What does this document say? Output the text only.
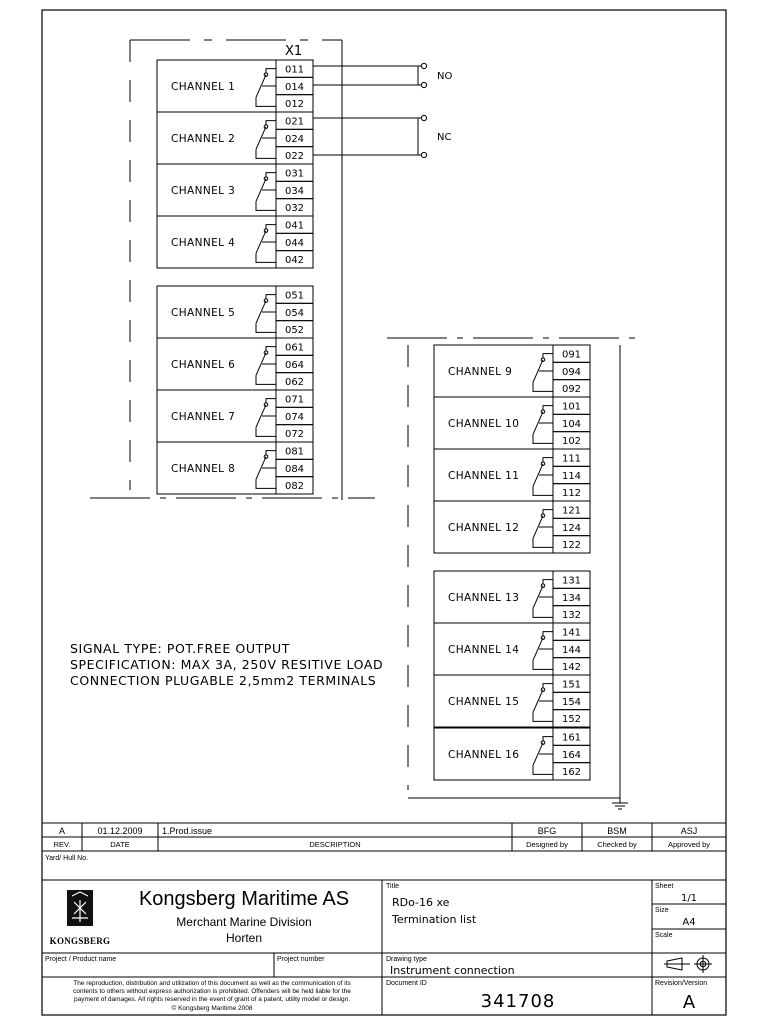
X1
CHANNEL 1
011
014
012
CHANNEL 2
021
024
022
CHANNEL 3
031
034
032
CHANNEL 4
041
044
042
CHANNEL 5
051
054
052
CHANNEL 6
061
064
062
CHANNEL 7
071
074
072
CHANNEL 8
081
084
082
NO
NC
CHANNEL 9
091
094
092
CHANNEL 10
101
104
102
CHANNEL 11
111
114
112
CHANNEL 12
121
124
122
CHANNEL 13
131
134
132
CHANNEL 14
141
144
142
CHANNEL 15
151
154
152
CHANNEL 16
161
164
162
SIGNAL TYPE: POT.FREE OUTPUT
SPECIFICATION: MAX 3A, 250V RESITIVE LOAD
CONNECTION PLUGABLE 2,5mm2 TERMINALS
A	01.12.2009 1.Prod.issue	BFG	BSM	ASJ
REV.	DATE	DESCRIPTION	Designed by	Checked by	Approved by
Yard/ Hull No.
KONGSBERG
Kongsberg Maritime AS
Merchant Marine Division
Horten
Title
RDo-16 xe
Termination list
Sheet
1/1
Size
A4
Scale
Project / Product name	Project number	Drawing type
Instrument connection
Document ID
341708
Revision/Version
A
The reproduction, distribution and utilization of this document as well as the communication of its
contents to others without express authorization is prohibited. Offenders will be held liable for the
payment of damages. All rights reserved in the event of grant of a patent, utility model or design.
© Kongsberg Maritime 2008
